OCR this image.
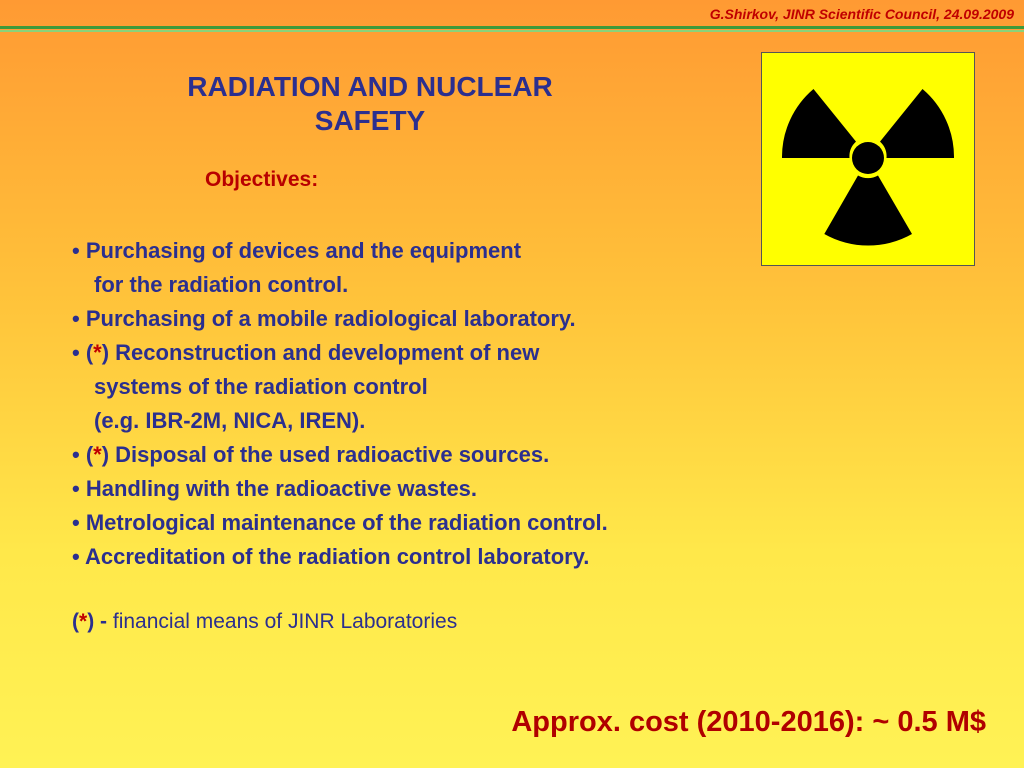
G.Shirkov, JINR Scientific Council, 24.09.2009
RADIATION AND NUCLEAR
SAFETY
Objectives:
• Purchasing of devices and the equipment
for the radiation control.
• Purchasing of a mobile radiological laboratory.
• (*) Reconstruction and development of new
systems of the radiation control
(e.g. IBR-2M, NICA, IREN).
• (*) Disposal of the used radioactive sources.
• Handling with the radioactive wastes.
• Metrological maintenance of the radiation control.
• Accreditation of the radiation control laboratory.
(*) - financial means of JINR Laboratories
Approx. cost (2010-2016): ~ 0.5 M$
